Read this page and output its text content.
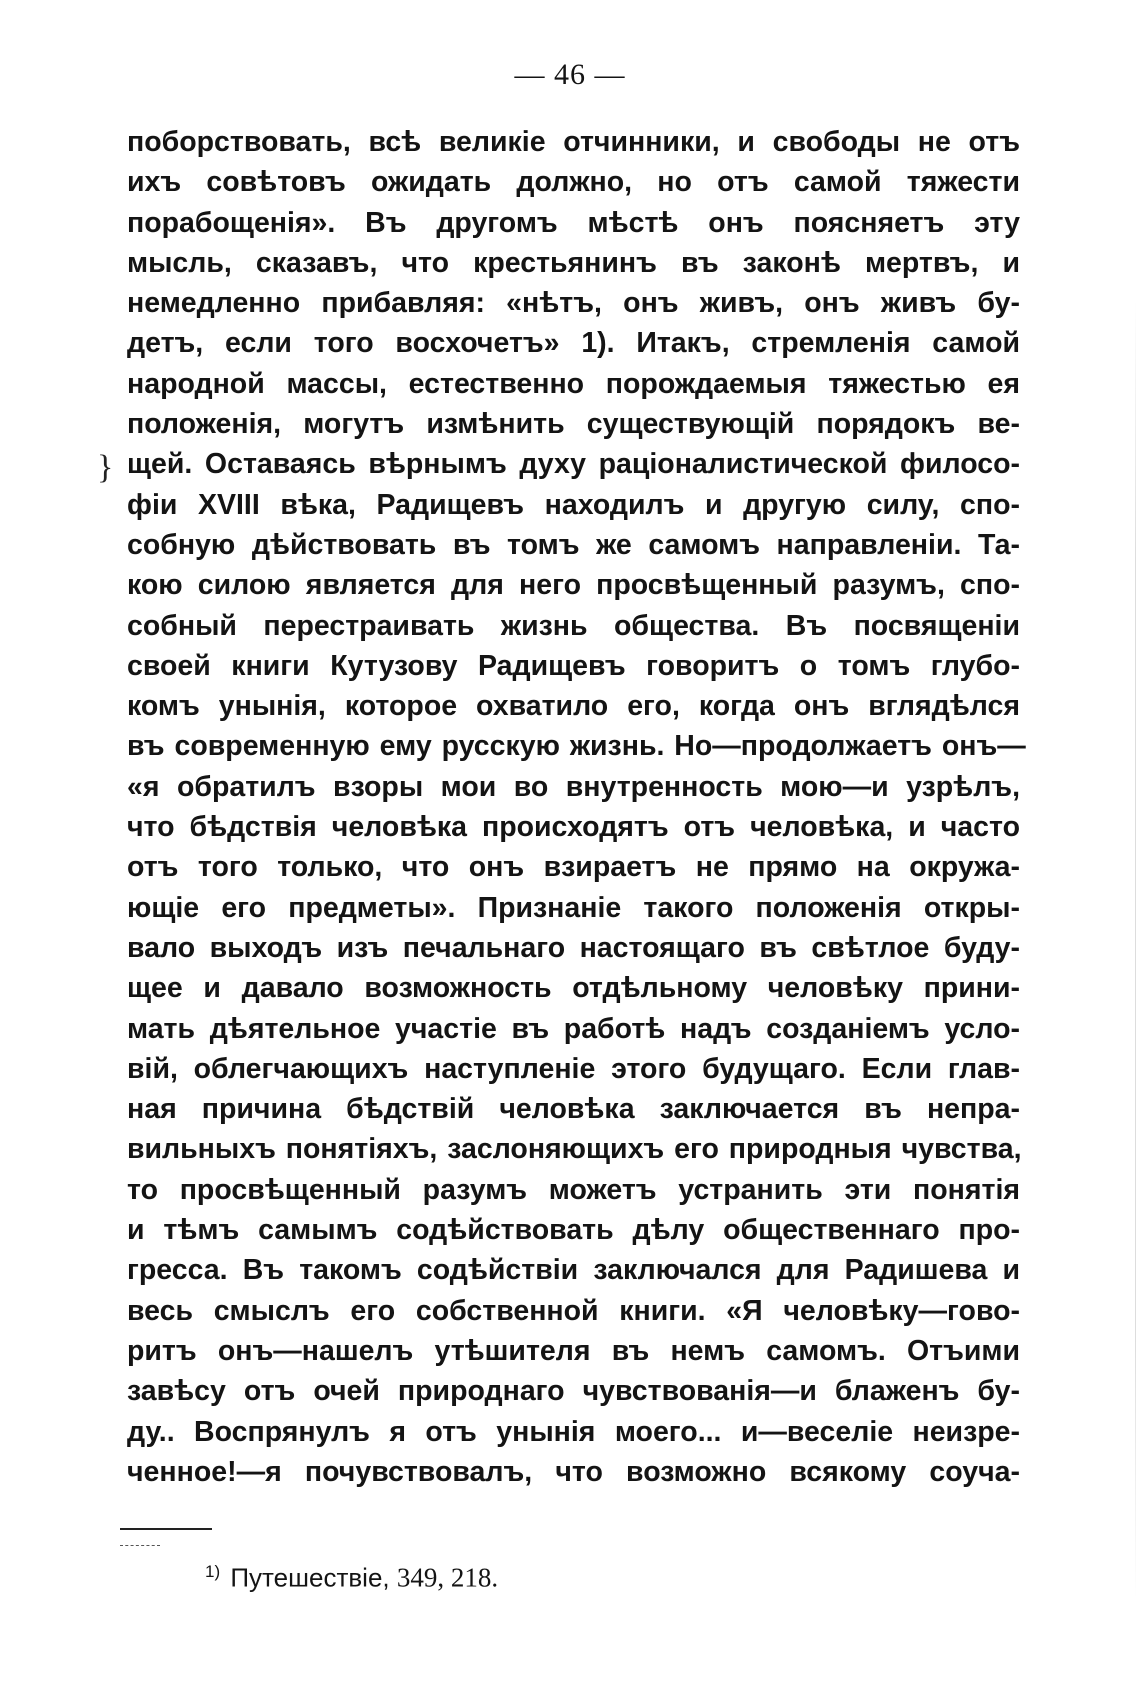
— 46 —
}
поборствовать, всѣ великіе отчинники, и свободы не отъ
ихъ совѣтовъ ожидать должно, но отъ самой тяжести
порабощенія». Въ другомъ мѣстѣ онъ поясняетъ эту
мысль, сказавъ, что крестьянинъ въ законѣ мертвъ, и
немедленно прибавляя: «нѣтъ, онъ живъ, онъ живъ бу-
детъ, если того восхочетъ» 1). Итакъ, стремленія самой
народной массы, естественно порождаемыя тяжестью ея
положенія, могутъ измѣнить существующій порядокъ ве-
щей. Оставаясь вѣрнымъ духу раціоналистической филосо-
фіи XVIII вѣка, Радищевъ находилъ и другую силу, спо-
собную дѣйствовать въ томъ же самомъ направленіи. Та-
кою силою является для него просвѣщенный разумъ, спо-
собный перестраивать жизнь общества. Въ посвященіи
своей книги Кутузову Радищевъ говоритъ о томъ глубо-
комъ унынія, которое охватило его, когда онъ вглядѣлся
въ современную ему русскую жизнь. Но—продолжаетъ онъ—
«я обратилъ взоры мои во внутренность мою—и узрѣлъ,
что бѣдствія человѣка происходятъ отъ человѣка, и часто
отъ того только, что онъ взираетъ не прямо на окружа-
ющіе его предметы». Признаніе такого положенія откры-
вало выходъ изъ печальнаго настоящаго въ свѣтлое буду-
щее и давало возможность отдѣльному человѣку прини-
мать дѣятельное участіе въ работѣ надъ созданіемъ усло-
вій, облегчающихъ наступленіе этого будущаго. Если глав-
ная причина бѣдствій человѣка заключается въ непра-
вильныхъ понятіяхъ, заслоняющихъ его природныя чувства,
то просвѣщенный разумъ можетъ устранить эти понятія
и тѣмъ самымъ содѣйствовать дѣлу общественнаго про-
гресса. Въ такомъ содѣйствіи заключался для Радишева и
весь смыслъ его собственной книги. «Я человѣку—гово-
ритъ онъ—нашелъ утѣшителя въ немъ самомъ. Отъими
завѣсу отъ очей природнаго чувствованія—и блаженъ бу-
ду.. Воспрянулъ я отъ унынія моего... и—веселіе неизре-
ченное!—я почувствовалъ, что возможно всякому соуча-
$^{1)}$ Путешествіе, 349, 218.
